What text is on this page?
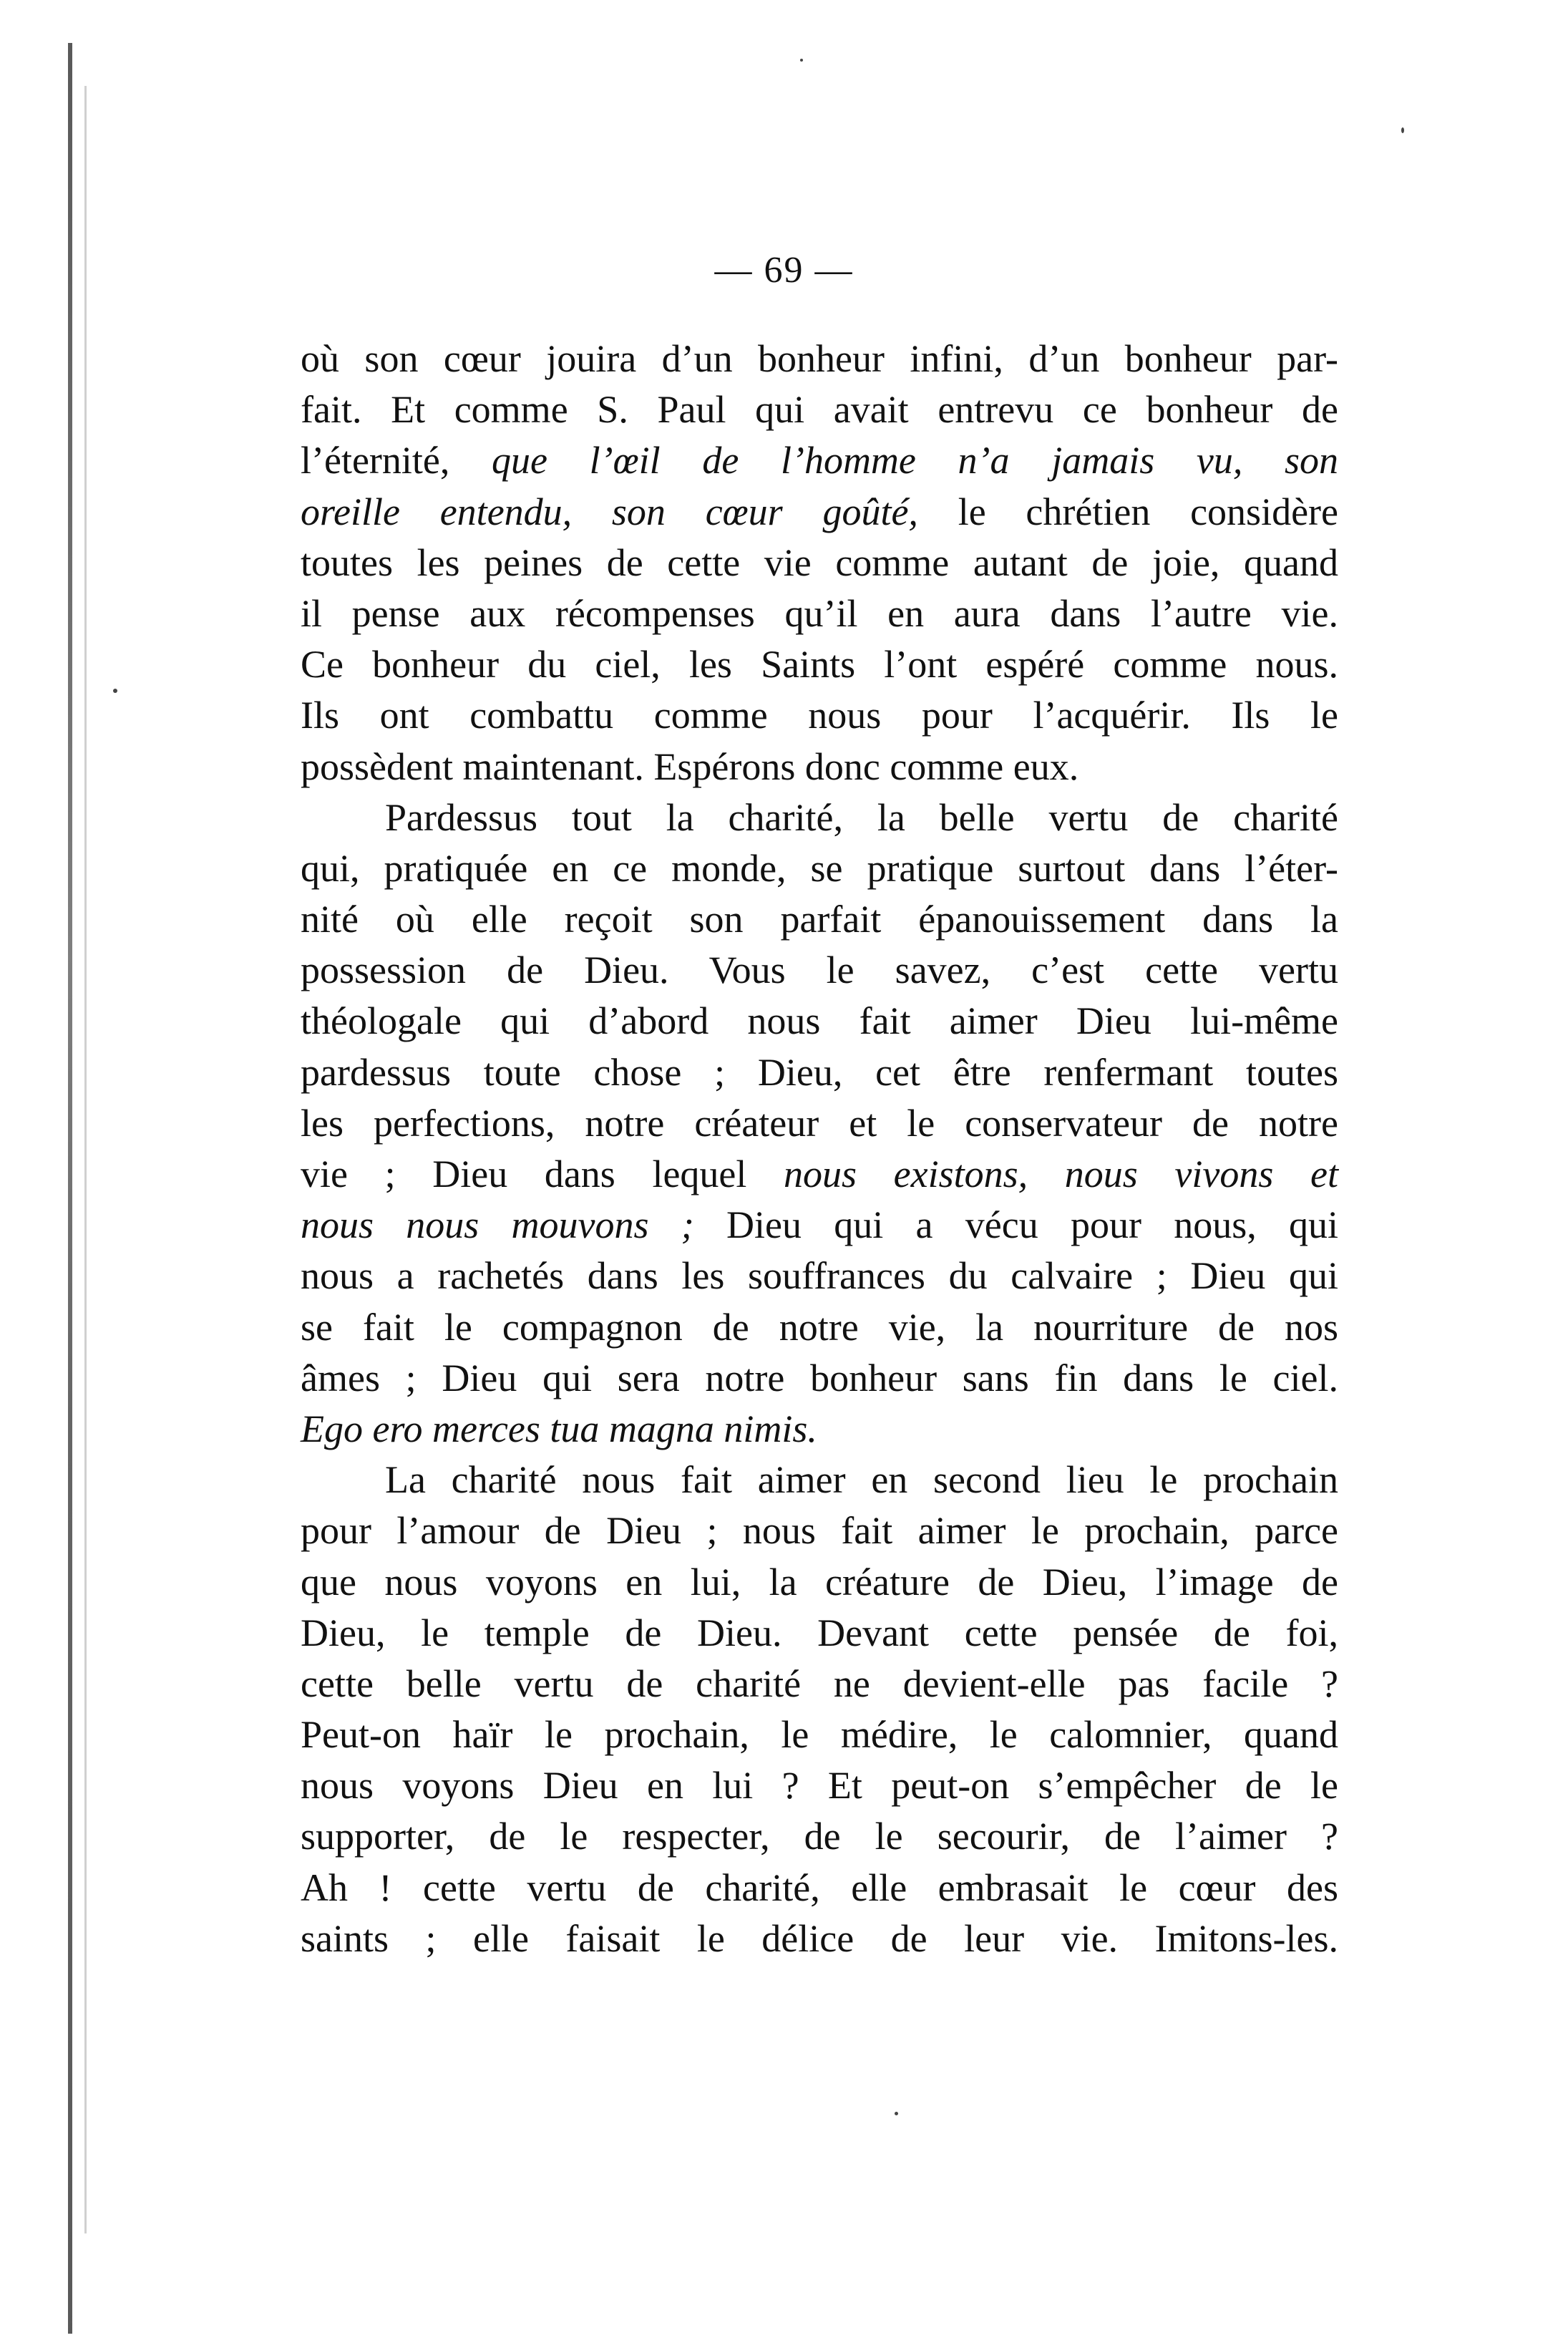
— 69 —
où son cœur jouira d’un bonheur infini, d’un bonheur par-
fait. Et comme S. Paul qui avait entrevu ce bonheur de
l’éternité, que l’œil de l’homme n’a jamais vu, son
oreille entendu, son cœur goûté, le chrétien considère
toutes les peines de cette vie comme autant de joie, quand
il pense aux récompenses qu’il en aura dans l’autre vie.
Ce bonheur du ciel, les Saints l’ont espéré comme nous.
Ils ont combattu comme nous pour l’acquérir. Ils le
possèdent maintenant. Espérons donc comme eux.
Pardessus tout la charité, la belle vertu de charité
qui, pratiquée en ce monde, se pratique surtout dans l’éter-
nité où elle reçoit son parfait épanouissement dans la
possession de Dieu. Vous le savez, c’est cette vertu
théologale qui d’abord nous fait aimer Dieu lui-même
pardessus toute chose ; Dieu, cet être renfermant toutes
les perfections, notre créateur et le conservateur de notre
vie ; Dieu dans lequel nous existons, nous vivons et
nous nous mouvons ; Dieu qui a vécu pour nous, qui
nous a rachetés dans les souffrances du calvaire ; Dieu qui
se fait le compagnon de notre vie, la nourriture de nos
âmes ; Dieu qui sera notre bonheur sans fin dans le ciel.
Ego ero merces tua magna nimis.
La charité nous fait aimer en second lieu le prochain
pour l’amour de Dieu ; nous fait aimer le prochain, parce
que nous voyons en lui, la créature de Dieu, l’image de
Dieu, le temple de Dieu. Devant cette pensée de foi,
cette belle vertu de charité ne devient-elle pas facile ?
Peut-on haïr le prochain, le médire, le calomnier, quand
nous voyons Dieu en lui ? Et peut-on s’empêcher de le
supporter, de le respecter, de le secourir, de l’aimer ?
Ah ! cette vertu de charité, elle embrasait le cœur des
saints ; elle faisait le délice de leur vie. Imitons-les.
